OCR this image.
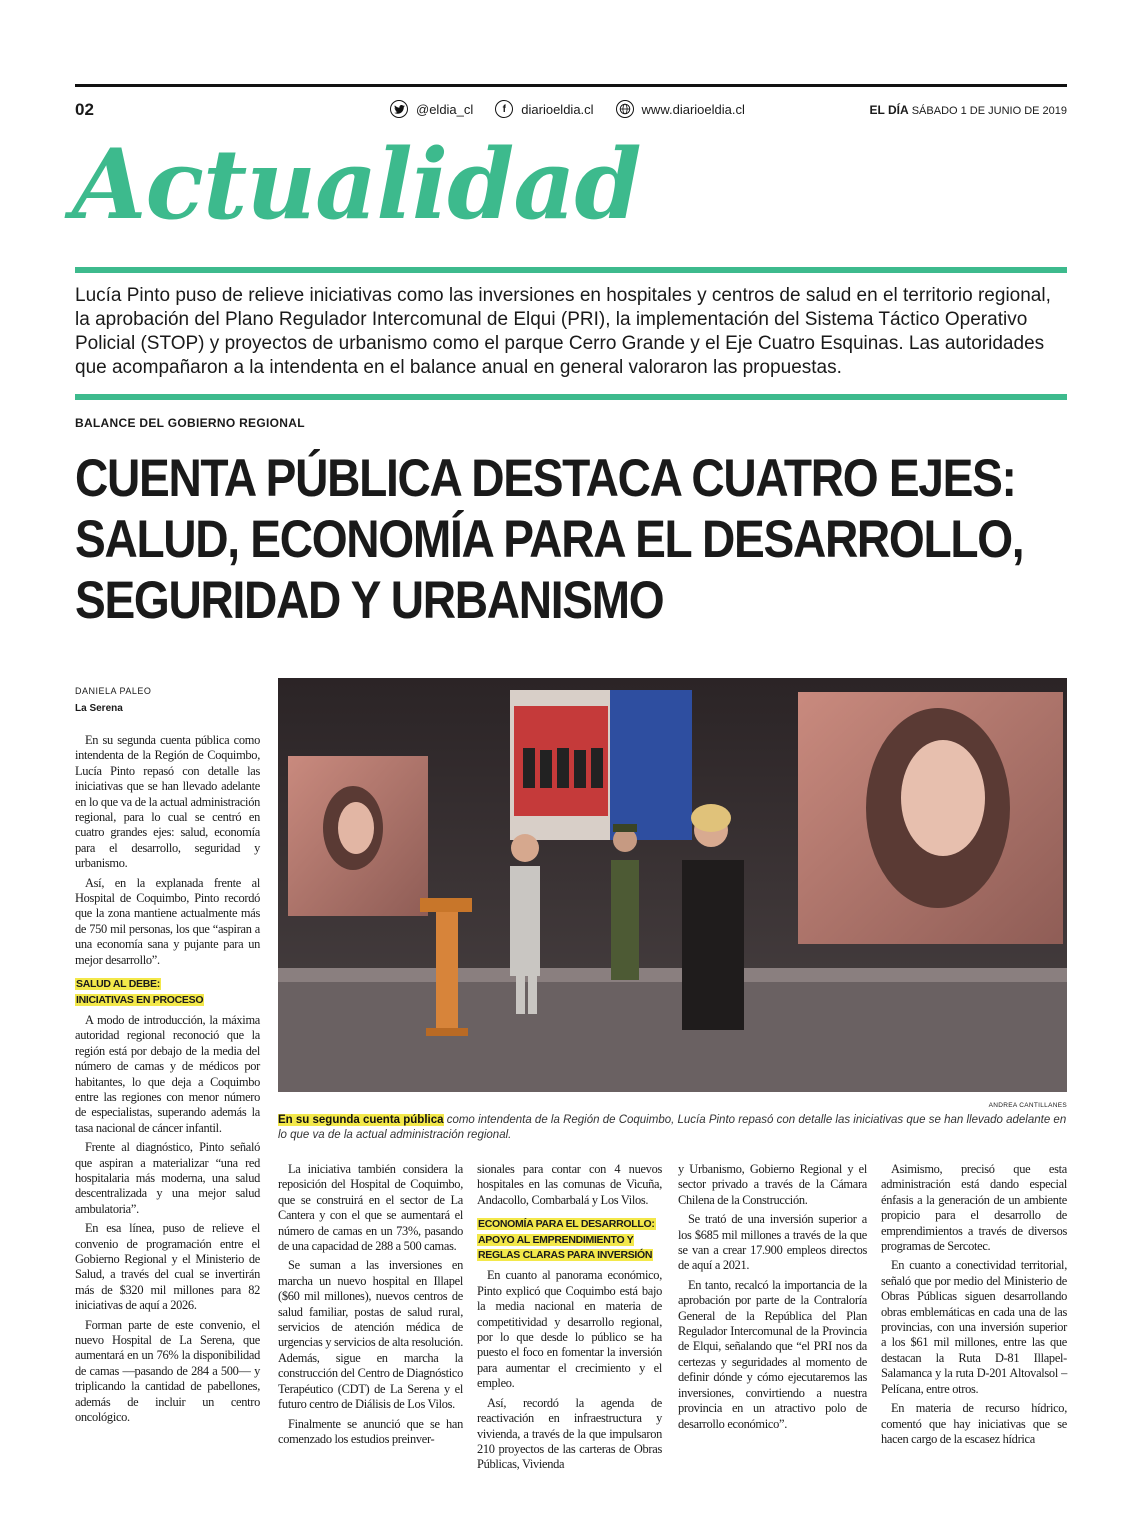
02	@eldia_cl	f	diarioeldia.cl	www.diarioeldia.cl	EL DÍA SÁBADO 1 DE JUNIO DE 2019
Actualidad
Lucía Pinto puso de relieve iniciativas como las inversiones en hospitales y centros de salud en el territorio regional, la aprobación del Plano Regulador Intercomunal de Elqui (PRI), la implementación del Sistema Táctico Operativo Policial (STOP) y proyectos de urbanismo como el parque Cerro Grande y el Eje Cuatro Esquinas. Las autoridades que acompañaron a la intendenta en el balance anual en general valoraron las propuestas.
BALANCE DEL GOBIERNO REGIONAL
CUENTA PÚBLICA DESTACA CUATRO EJES:
SALUD, ECONOMÍA PARA EL DESARROLLO,
SEGURIDAD Y URBANISMO
DANIELA PALEO
La Serena

En su segunda cuenta pública como intendenta de la Región de Coquimbo, Lucía Pinto repasó con detalle las iniciativas que se han llevado adelante en lo que va de la actual administración regional, para lo cual se centró en cuatro grandes ejes: salud, economía para el desarrollo, seguridad y urbanismo.

Así, en la explanada frente al Hospital de Coquimbo, Pinto recordó que la zona mantiene actualmente más de 750 mil personas, los que “aspiran a una economía sana y pujante para un mejor desarrollo”.

SALUD AL DEBE:
INICIATIVAS EN PROCESO

A modo de introducción, la máxima autoridad regional reconoció que la región está por debajo de la media del número de camas y de médicos por habitantes, lo que deja a Coquimbo entre las regiones con menor número de especialistas, superando además la tasa nacional de cáncer infantil.

Frente al diagnóstico, Pinto señaló que aspiran a materializar “una red hospitalaria más moderna, una salud descentralizada y una mejor salud ambulatoria”.

En esa línea, puso de relieve el convenio de programación entre el Gobierno Regional y el Ministerio de Salud, a través del cual se invertirán más de $320 mil millones para 82 iniciativas de aquí a 2026.

Forman parte de este convenio, el nuevo Hospital de La Serena, que aumentará en un 76% la disponibilidad de camas —pasando de 284 a 500— y triplicando la cantidad de pabellones, además de incluir un centro oncológico.

ANDREA CANTILLANES
En su segunda cuenta pública como intendenta de la Región de Coquimbo, Lucía Pinto repasó con detalle las iniciativas que se han llevado adelante en lo que va de la actual administración regional.

La iniciativa también considera la reposición del Hospital de Coquimbo, que se construirá en el sector de La Cantera y con el que se aumentará el número de camas en un 73%, pasando de una capacidad de 288 a 500 camas.

Se suman a las inversiones en marcha un nuevo hospital en Illapel ($60 mil millones), nuevos centros de salud familiar, postas de salud rural, servicios de atención médica de urgencias y servicios de alta resolución. Además, sigue en marcha la construcción del Centro de Diagnóstico Terapéutico (CDT) de La Serena y el futuro centro de Diálisis de Los Vilos.

Finalmente se anunció que se han comenzado los estudios preinver-

sionales para contar con 4 nuevos hospitales en las comunas de Vicuña, Andacollo, Combarbalá y Los Vilos.

ECONOMÍA PARA EL DESARROLLO:
APOYO AL EMPRENDIMIENTO Y
REGLAS CLARAS PARA INVERSIÓN

En cuanto al panorama económico, Pinto explicó que Coquimbo está bajo la media nacional en materia de competitividad y desarrollo regional, por lo que desde lo público se ha puesto el foco en fomentar la inversión para aumentar el crecimiento y el empleo.

Así, recordó la agenda de reactivación en infraestructura y vivienda, a través de la que impulsaron 210 proyectos de las carteras de Obras Públicas, Vivienda

y Urbanismo, Gobierno Regional y el sector privado a través de la Cámara Chilena de la Construcción.

Se trató de una inversión superior a los $685 mil millones a través de la que se van a crear 17.900 empleos directos de aquí a 2021.

En tanto, recalcó la importancia de la aprobación por parte de la Contraloría General de la República del Plan Regulador Intercomunal de la Provincia de Elqui, señalando que “el PRI nos da certezas y seguridades al momento de definir dónde y cómo ejecutaremos las inversiones, convirtiendo a nuestra provincia en un atractivo polo de desarrollo económico”.

Asimismo, precisó que esta administración está dando especial énfasis a la generación de un ambiente propicio para el desarrollo de emprendimientos a través de diversos programas de Sercotec.

En cuanto a conectividad territorial, señaló que por medio del Ministerio de Obras Públicas siguen desarrollando obras emblemáticas en cada una de las provincias, con una inversión superior a los $61 mil millones, entre las que destacan la Ruta D-81 Illapel-Salamanca y la ruta D-201 Altovalsol – Pelícana, entre otros.

En materia de recurso hídrico, comentó que hay iniciativas que se hacen cargo de la escasez hídrica
